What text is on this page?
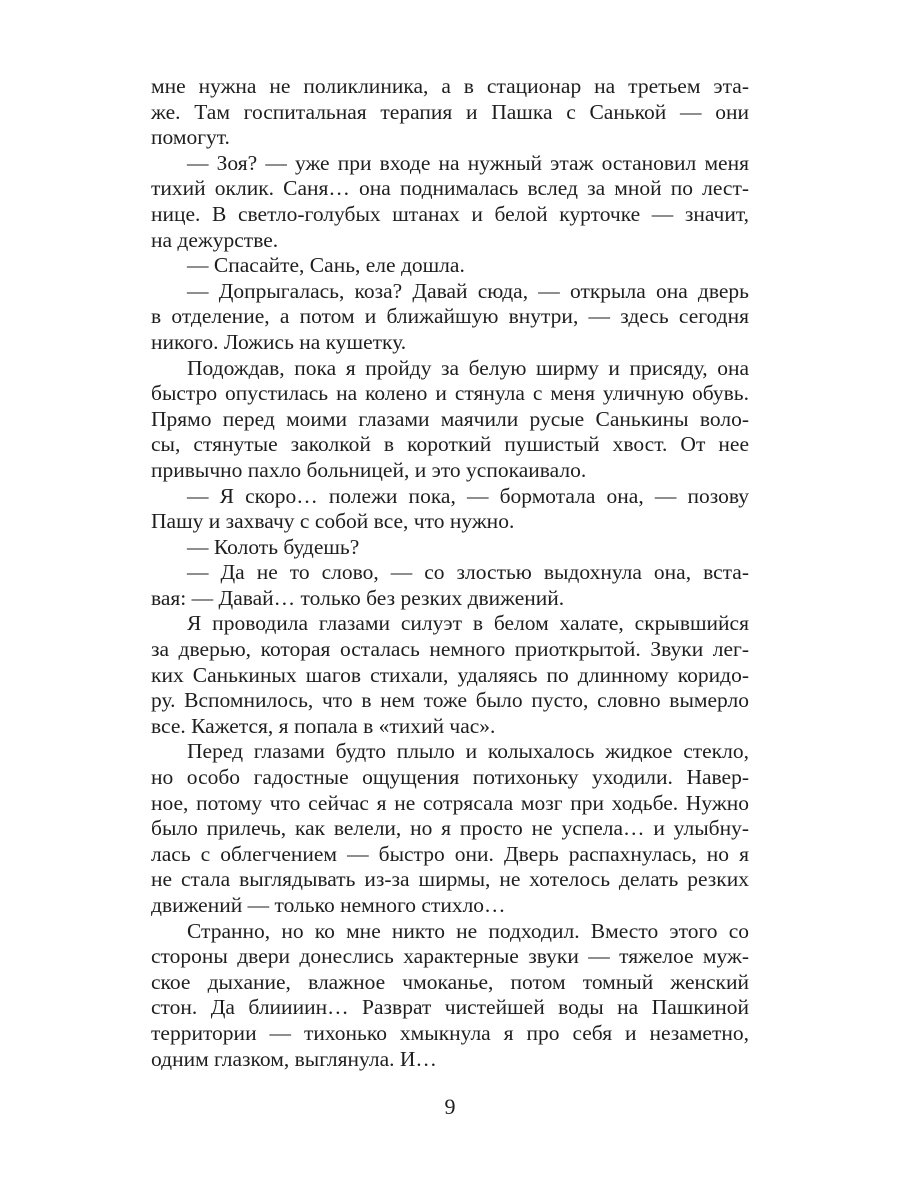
мне нужна не поликлиника, а в стационар на третьем эта-
же. Там госпитальная терапия и Пашка с Санькой — они
помогут.
— Зоя? — уже при входе на нужный этаж остановил меня
тихий оклик. Саня… она поднималась вслед за мной по лест-
нице. В светло-голубых штанах и белой курточке — значит,
на дежурстве.
— Спасайте, Сань, еле дошла.
— Допрыгалась, коза? Давай сюда, — открыла она дверь
в отделение, а потом и ближайшую внутри, — здесь сегодня
никого. Ложись на кушетку.
Подождав, пока я пройду за белую ширму и присяду, она
быстро опустилась на колено и стянула с меня уличную обувь.
Прямо перед моими глазами маячили русые Санькины воло-
сы, стянутые заколкой в короткий пушистый хвост. От нее
привычно пахло больницей, и это успокаивало.
— Я скоро… полежи пока, — бормотала она, — позову
Пашу и захвачу с собой все, что нужно.
— Колоть будешь?
— Да не то слово, — со злостью выдохнула она, вста-
вая: — Давай… только без резких движений.
Я проводила глазами силуэт в белом халате, скрывшийся
за дверью, которая осталась немного приоткрытой. Звуки лег-
ких Санькиных шагов стихали, удаляясь по длинному коридо-
ру. Вспомнилось, что в нем тоже было пусто, словно вымерло
все. Кажется, я попала в «тихий час».
Перед глазами будто плыло и колыхалось жидкое стекло,
но особо гадостные ощущения потихоньку уходили. Навер-
ное, потому что сейчас я не сотрясала мозг при ходьбе. Нужно
было прилечь, как велели, но я просто не успела… и улыбну-
лась с облегчением — быстро они. Дверь распахнулась, но я
не стала выглядывать из-за ширмы, не хотелось делать резких
движений — только немного стихло…
Странно, но ко мне никто не подходил. Вместо этого со
стороны двери донеслись характерные звуки — тяжелое муж-
ское дыхание, влажное чмоканье, потом томный женский
стон. Да блиииин… Разврат чистейшей воды на Пашкиной
территории — тихонько хмыкнула я про себя и незаметно,
одним глазком, выглянула. И…
9
